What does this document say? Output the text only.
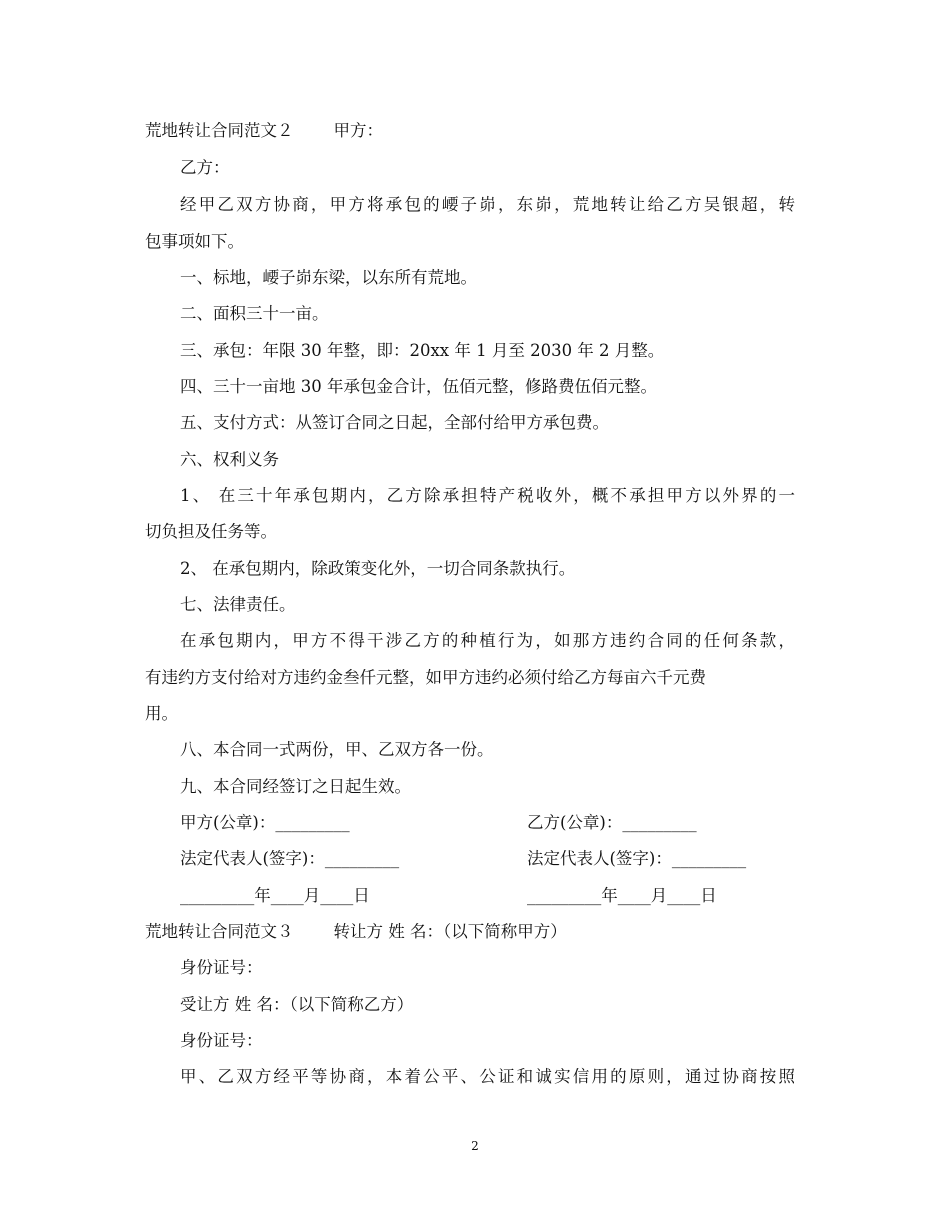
荒地转让合同范文２ 甲方：
乙方：
经甲乙双方协商，甲方将承包的崾子峁，东峁，荒地转让给乙方吴银超，转
包事项如下。
一、标地，崾子峁东梁，以东所有荒地。
二、面积三十一亩。
三、承包：年限 30 年整，即：20xx 年 1 月至 2030 年 2 月整。
四、三十一亩地 30 年承包金合计，伍佰元整，修路费伍佰元整。
五、支付方式：从签订合同之日起，全部付给甲方承包费。
六、权利义务
1、 在三十年承包期内，乙方除承担特产税收外，概不承担甲方以外界的一
切负担及任务等。
2、 在承包期内，除政策变化外，一切合同条款执行。
七、法律责任。
在承包期内，甲方不得干涉乙方的种植行为，如那方违约合同的任何条款，
有违约方支付给对方违约金叁仟元整，如甲方违约必须付给乙方每亩六千元费
用。
八、本合同一式两份，甲、乙双方各一份。
九、本合同经签订之日起生效。
甲方(公章)：_________	乙方(公章)：_________
法定代表人(签字)：_________	法定代表人(签字)：_________
_________年____月____日	_________年____月____日
荒地转让合同范文３ 转让方 姓 名：（以下简称甲方）
身份证号：
受让方 姓 名：（以下简称乙方）
身份证号：
甲、乙双方经平等协商，本着公平、公证和诚实信用的原则，通过协商按照
2
